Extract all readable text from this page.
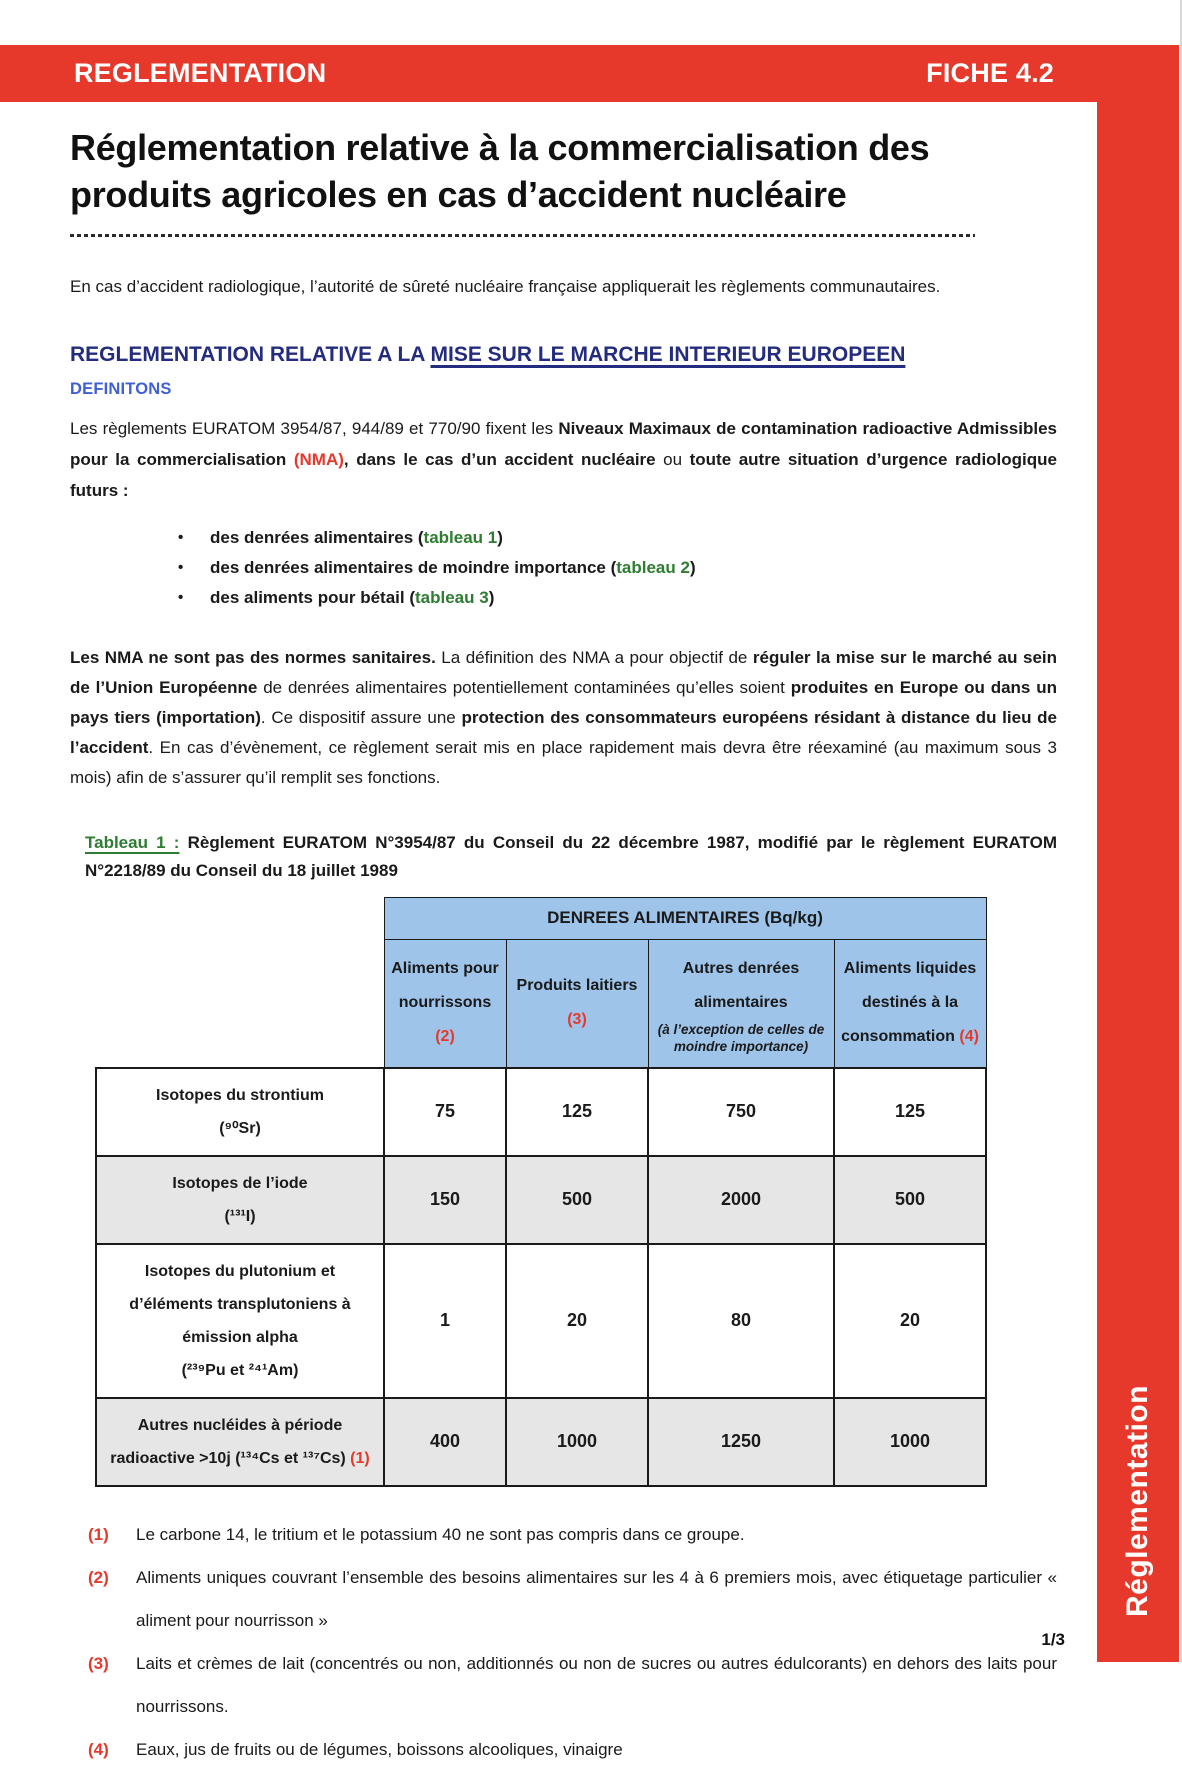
REGLEMENTATION	FICHE 4.2
Réglementation
Réglementation relative à la commercialisation des
produits agricoles en cas d’accident nucléaire

En cas d’accident radiologique, l’autorité de sûreté nucléaire française appliquerait les règlements communautaires.

REGLEMENTATION RELATIVE A LA MISE SUR LE MARCHE INTERIEUR EUROPEEN
DEFINITONS

Les règlements EURATOM 3954/87, 944/89 et 770/90 fixent les Niveaux Maximaux de contamination radioactive Admissibles pour la commercialisation (NMA), dans le cas d’un accident nucléaire ou toute autre situation d’urgence radiologique futurs :

• des denrées alimentaires (tableau 1)
• des denrées alimentaires de moindre importance (tableau 2)
• des aliments pour bétail (tableau 3)

Les NMA ne sont pas des normes sanitaires. La définition des NMA a pour objectif de réguler la mise sur le marché au sein de l’Union Européenne de denrées alimentaires potentiellement contaminées qu’elles soient produites en Europe ou dans un pays tiers (importation). Ce dispositif assure une protection des consommateurs européens résidant à distance du lieu de l’accident. En cas d’évènement, ce règlement serait mis en place rapidement mais devra être réexaminé (au maximum sous 3 mois) afin de s’assurer qu’il remplit ses fonctions.

Tableau 1 : Règlement EURATOM N°3954/87 du Conseil du 22 décembre 1987, modifié par le règlement EURATOM N°2218/89 du Conseil du 18 juillet 1989

	DENREES ALIMENTAIRES (Bq/kg)			
	Aliments pour nourrissons (2)	Produits laitiers (3)	Autres denrées alimentaires
(à l’exception de celles de moindre importance)	Aliments liquides destinés à la consommation (4)

Isotopes du strontium
(⁹⁰Sr)	75	125	750	125

Isotopes de l’iode
(¹³¹I)	150	500	2000	500
Isotopes du plutonium et d’éléments transplutoniens à émission alpha
(²³⁹Pu et ²⁴¹Am)	1	20	80	20
Autres nucléides à période radioactive >10j (¹³⁴Cs et ¹³⁷Cs) (1)	400	1000	1250	1000
(1)	Le carbone 14, le tritium et le potassium 40 ne sont pas compris dans ce groupe.
(2)	Aliments uniques couvrant l’ensemble des besoins alimentaires sur les 4 à 6 premiers mois, avec étiquetage particulier « aliment pour nourrisson »
(3)	Laits et crèmes de lait (concentrés ou non, additionnés ou non de sucres ou autres édulcorants) en dehors des laits pour nourrissons.
(4)	Eaux, jus de fruits ou de légumes, boissons alcooliques, vinaigre
1/3
